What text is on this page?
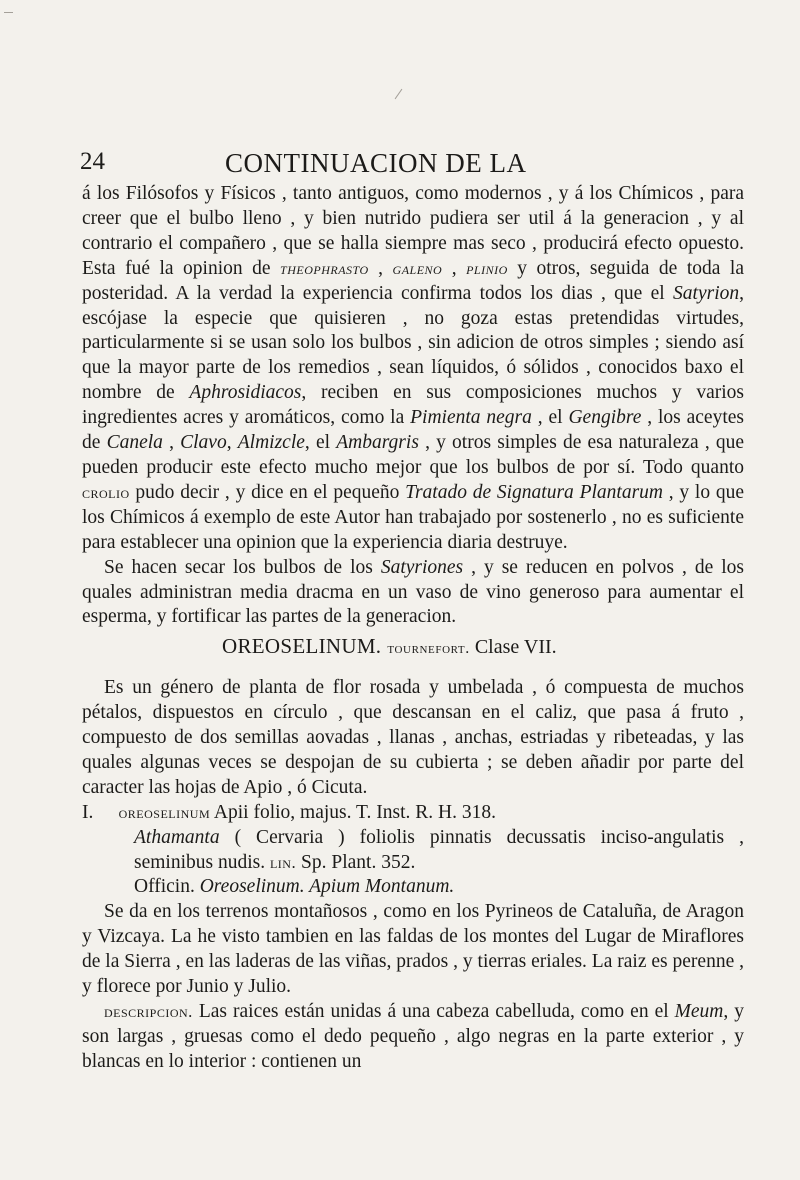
24	CONTINUACION DE LA

á los Filósofos y Físicos , tanto antiguos, como modernos , y á los Chímicos , para creer que el bulbo lleno , y bien nutrido pudiera ser util á la generacion , y al contrario el compañero , que se halla siempre mas seco , producirá efecto opuesto. Esta fué la opinion de theophrasto , galeno , plinio y otros, seguida de toda la posteridad. A la verdad la experiencia confirma todos los dias , que el Satyrion, escójase la especie que quisieren , no goza estas pretendidas virtudes, particularmente si se usan solo los bulbos , sin adicion de otros simples ; siendo así que la mayor parte de los remedios , sean líquidos, ó sólidos , conocidos baxo el nombre de Aphrosidiacos, reciben en sus composiciones muchos y varios ingredientes acres y aromáticos, como la Pimienta negra , el Gengibre , los aceytes de Canela , Clavo, Almizcle, el Ambargris , y otros simples de esa naturaleza , que pueden producir este efecto mucho mejor que los bulbos de por sí. Todo quanto crolio pudo decir , y dice en el pequeño Tratado de Signatura Plantarum , y lo que los Chímicos á exemplo de este Autor han trabajado por sostenerlo , no es suficiente para establecer una opinion que la experiencia diaria destruye.

Se hacen secar los bulbos de los Satyriones , y se reducen en polvos , de los quales administran media dracma en un vaso de vino generoso para aumentar el esperma, y fortificar las partes de la generacion.

OREOSELINUM. tournefort. Clase VII.

Es un género de planta de flor rosada y umbelada , ó compuesta de muchos pétalos, dispuestos en círculo , que descansan en el caliz, que pasa á fruto , compuesto de dos semillas aovadas , llanas , anchas, estriadas y ribeteadas, y las quales algunas veces se despojan de su cubierta ; se deben añadir por parte del caracter las hojas de Apio , ó Cicuta.

I. oreoselinum Apii folio, majus. T. Inst. R. H. 318.

Athamanta ( Cervaria ) foliolis pinnatis decussatis inciso-angulatis , seminibus nudis. lin. Sp. Plant. 352.

Officin. Oreoselinum. Apium Montanum.

Se da en los terrenos montañosos , como en los Pyrineos de Cataluña, de Aragon y Vizcaya. La he visto tambien en las faldas de los montes del Lugar de Miraflores de la Sierra , en las laderas de las viñas, prados , y tierras eriales. La raiz es perenne , y florece por Junio y Julio.

descripcion. Las raices están unidas á una cabeza cabelluda, como en el Meum, y son largas , gruesas como el dedo pequeño , algo negras en la parte exterior , y blancas en lo interior : contienen un
